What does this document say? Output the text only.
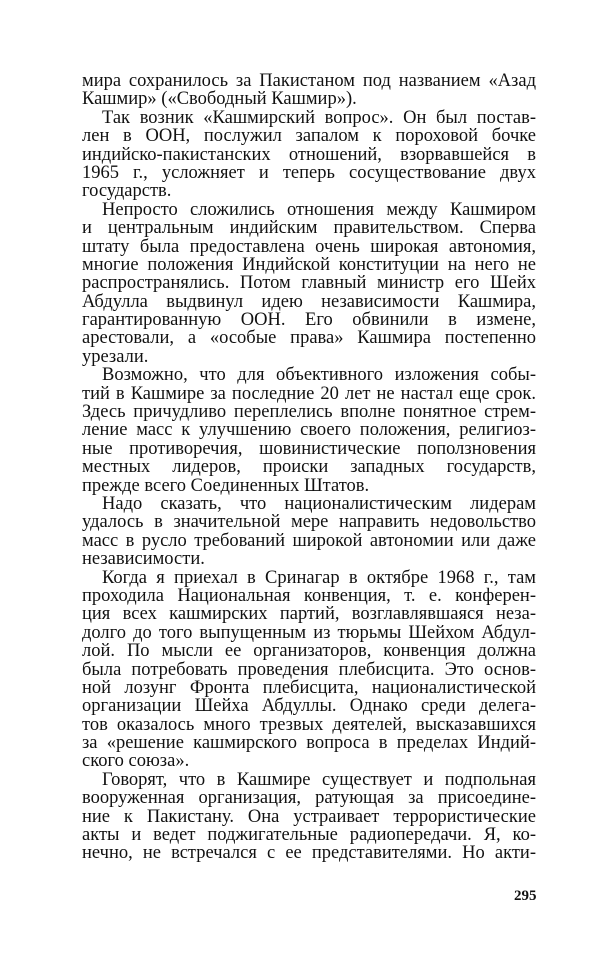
мира сохранилось за Пакистаном под названием «Азад
Кашмир» («Свободный Кашмир»).
Так возник «Кашмирский вопрос». Он был постав-
лен в ООН, послужил запалом к пороховой бочке
индийско-пакистанских отношений, взорвавшейся в
1965 г., усложняет и теперь сосуществование двух
государств.
Непросто сложились отношения между Кашмиром
и центральным индийским правительством. Сперва
штату была предоставлена очень широкая автономия,
многие положения Индийской конституции на него не
распространялись. Потом главный министр его Шейх
Абдулла выдвинул идею независимости Кашмира,
гарантированную ООН. Его обвинили в измене,
арестовали, а «особые права» Кашмира постепенно
урезали.
Возможно, что для объективного изложения собы-
тий в Кашмире за последние 20 лет не настал еще срок.
Здесь причудливо переплелись вполне понятное стрем-
ление масс к улучшению своего положения, религиоз-
ные противоречия, шовинистические поползновения
местных лидеров, происки западных государств,
прежде всего Соединенных Штатов.
Надо сказать, что националистическим лидерам
удалось в значительной мере направить недовольство
масс в русло требований широкой автономии или даже
независимости.
Когда я приехал в Сринагар в октябре 1968 г., там
проходила Национальная конвенция, т. е. конферен-
ция всех кашмирских партий, возглавлявшаяся неза-
долго до того выпущенным из тюрьмы Шейхом Абдул-
лой. По мысли ее организаторов, конвенция должна
была потребовать проведения плебисцита. Это основ-
ной лозунг Фронта плебисцита, националистической
организации Шейха Абдуллы. Однако среди делега-
тов оказалось много трезвых деятелей, высказавшихся
за «решение кашмирского вопроса в пределах Индий-
ского союза».
Говорят, что в Кашмире существует и подпольная
вооруженная организация, ратующая за присоедине-
ние к Пакистану. Она устраивает террористические
акты и ведет поджигательные радиопередачи. Я, ко-
нечно, не встречался с ее представителями. Но акти-
295
